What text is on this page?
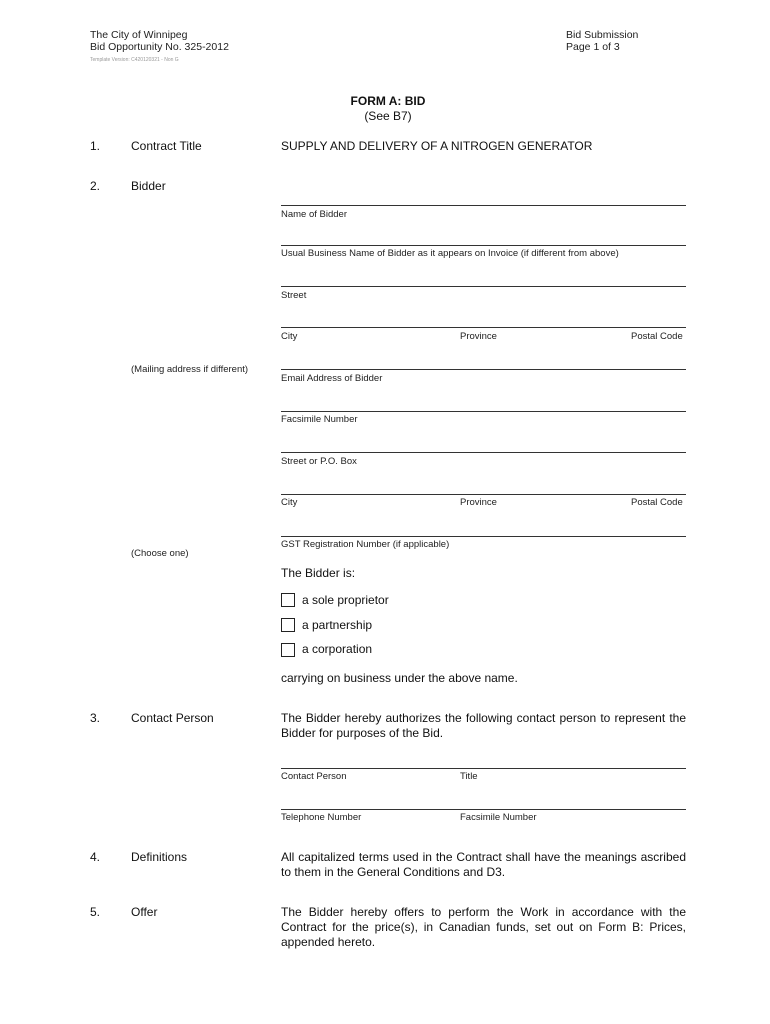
The City of Winnipeg
Bid Opportunity No. 325-2012
Template Version: C420120321 - Non G
Bid Submission
Page 1 of 3
FORM A: BID
(See B7)
1.	Contract Title	SUPPLY AND DELIVERY OF A NITROGEN GENERATOR
2.	Bidder
Name of Bidder
Usual Business Name of Bidder as it appears on Invoice (if different from above)
Street
City	Province	Postal Code
(Mailing address if different)
Email Address of Bidder
Facsimile Number
Street or P.O. Box
City	Province	Postal Code
GST Registration Number (if applicable)
(Choose one)
The Bidder is:
a sole proprietor
a partnership
a corporation
carrying on business under the above name.
3.	Contact Person	The Bidder hereby authorizes the following contact person to represent the Bidder for purposes of the Bid.
Contact Person	Title
Telephone Number	Facsimile Number
4.	Definitions	All capitalized terms used in the Contract shall have the meanings ascribed to them in the General Conditions and D3.
5.	Offer	The Bidder hereby offers to perform the Work in accordance with the Contract for the price(s), in Canadian funds, set out on Form B: Prices, appended hereto.
